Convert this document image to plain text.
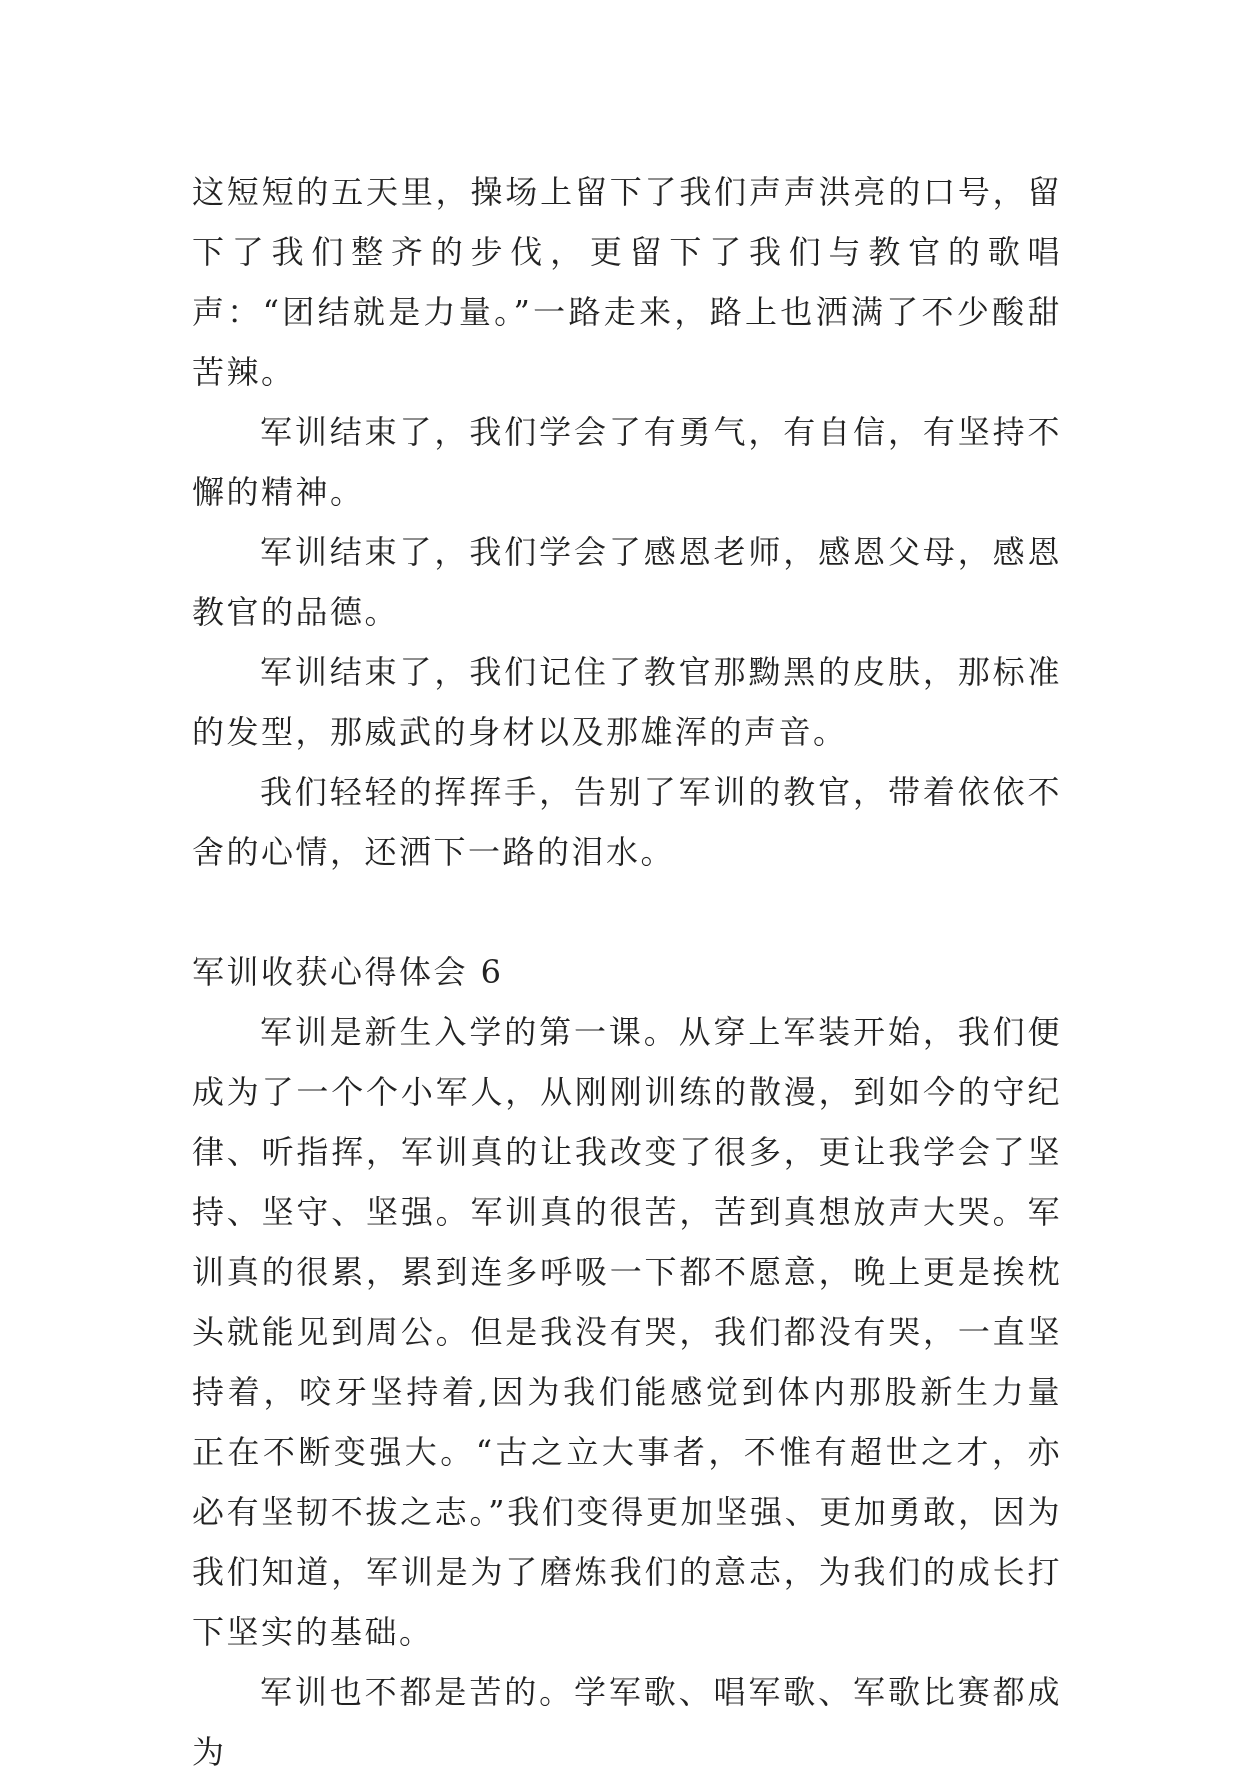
这短短的五天里，操场上留下了我们声声洪亮的口号，留下了我们整齐的步伐，更留下了我们与教官的歌唱声：“团结就是力量。”一路走来，路上也洒满了不少酸甜苦辣。

军训结束了，我们学会了有勇气，有自信，有坚持不懈的精神。

军训结束了，我们学会了感恩老师，感恩父母，感恩教官的品德。

军训结束了，我们记住了教官那黝黑的皮肤，那标准的发型，那威武的身材以及那雄浑的声音。

我们轻轻的挥挥手，告别了军训的教官，带着依依不舍的心情，还洒下一路的泪水。

军训收获心得体会 6

军训是新生入学的第一课。从穿上军装开始，我们便成为了一个个小军人，从刚刚训练的散漫，到如今的守纪律、听指挥，军训真的让我改变了很多，更让我学会了坚持、坚守、坚强。军训真的很苦，苦到真想放声大哭。军训真的很累，累到连多呼吸一下都不愿意，晚上更是挨枕头就能见到周公。但是我没有哭，我们都没有哭，一直坚持着，咬牙坚持着,因为我们能感觉到体内那股新生力量正在不断变强大。“古之立大事者，不惟有超世之才，亦必有坚韧不拔之志。”我们变得更加坚强、更加勇敢，因为我们知道，军训是为了磨炼我们的意志，为我们的成长打下坚实的基础。

军训也不都是苦的。学军歌、唱军歌、军歌比赛都成为
